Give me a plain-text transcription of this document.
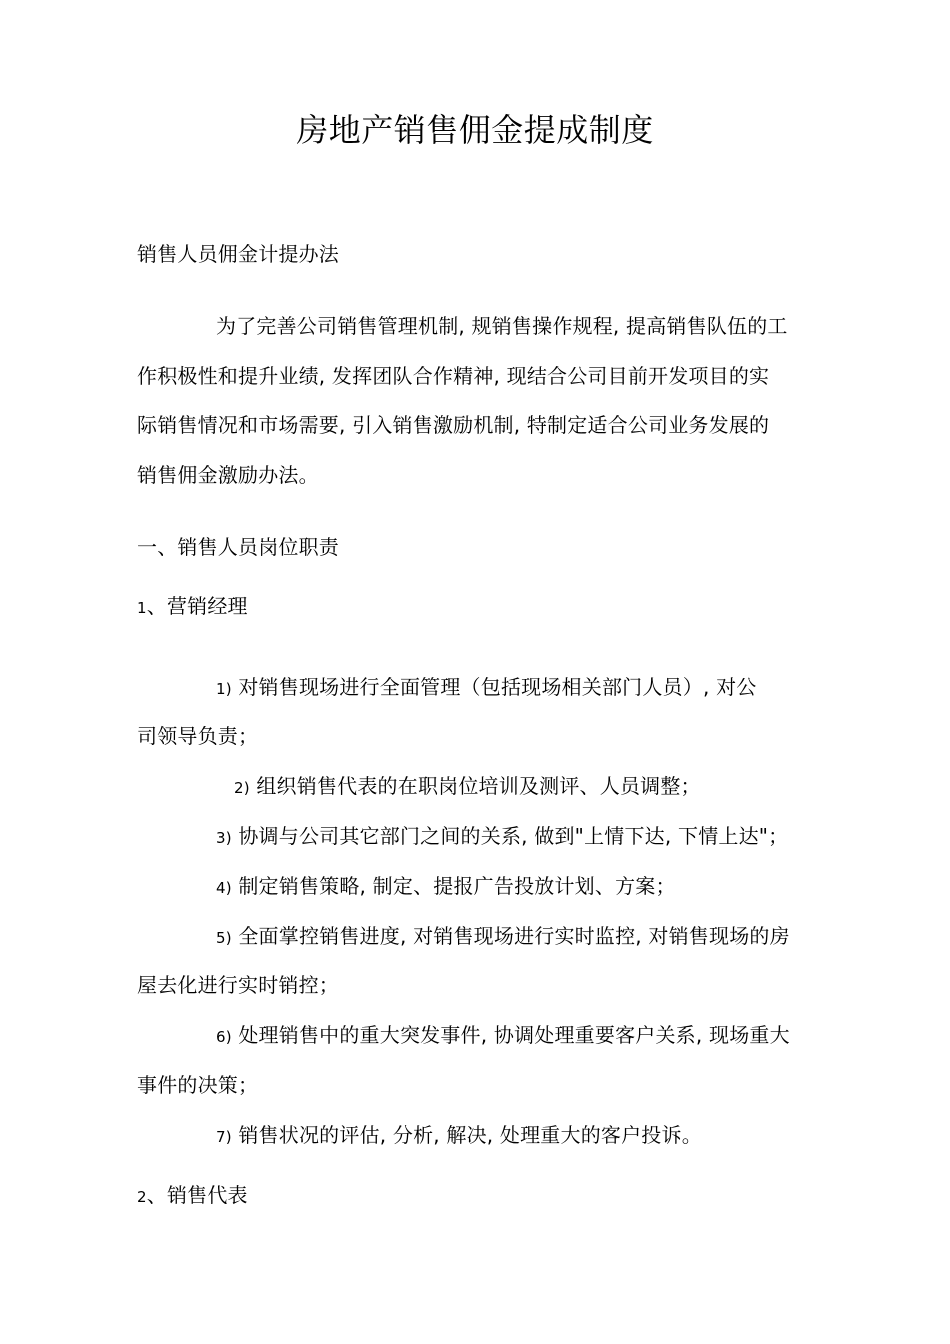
房地产销售佣金提成制度
销售人员佣金计提办法
为了完善公司销售管理机制, 规销售操作规程, 提高销售队伍的工
作积极性和提升业绩, 发挥团队合作精神, 现结合公司目前开发项目的实
际销售情况和市场需要, 引入销售激励机制, 特制定适合公司业务发展的
销售佣金激励办法。
一、销售人员岗位职责
1、营销经理
1) 对销售现场进行全面管理（包括现场相关部门人员）, 对公
司领导负责；
2) 组织销售代表的在职岗位培训及测评、人员调整；
3) 协调与公司其它部门之间的关系, 做到"上情下达, 下情上达"；
4) 制定销售策略, 制定、提报广告投放计划、方案；
5) 全面掌控销售进度, 对销售现场进行实时监控, 对销售现场的房
屋去化进行实时销控；
6) 处理销售中的重大突发事件, 协调处理重要客户关系, 现场重大
事件的决策；
7) 销售状况的评估, 分析, 解决, 处理重大的客户投诉。
2、销售代表
